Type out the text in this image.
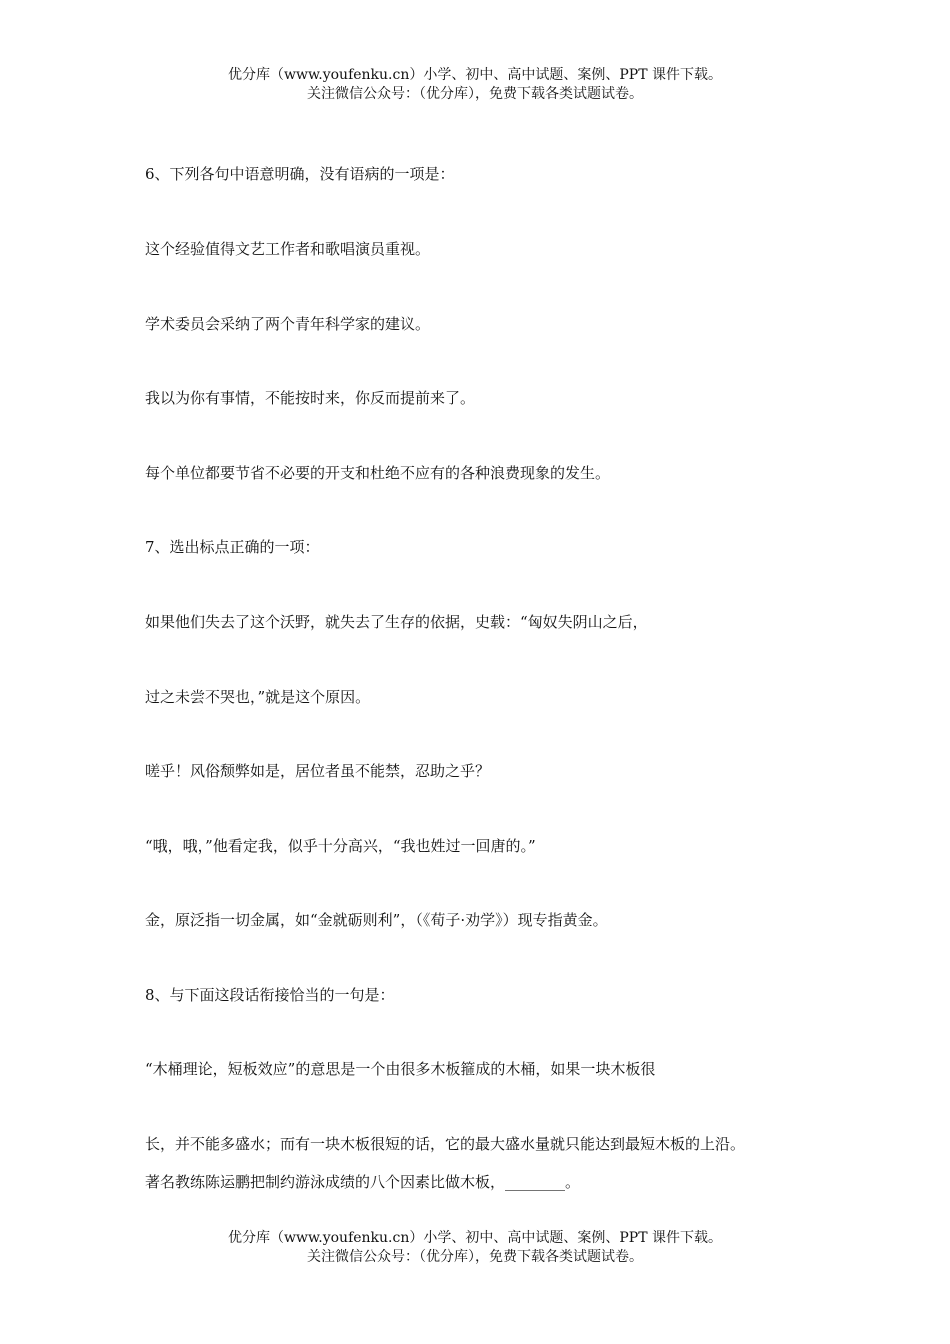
优分库（www.youfenku.cn）小学、初中、高中试题、案例、PPT 课件下载。
关注微信公众号：（优分库），免费下载各类试题试卷。
6、下列各句中语意明确，没有语病的一项是：
这个经验值得文艺工作者和歌唱演员重视。
学术委员会采纳了两个青年科学家的建议。
我以为你有事情，不能按时来，你反而提前来了。
每个单位都要节省不必要的开支和杜绝不应有的各种浪费现象的发生。
7、选出标点正确的一项：
如果他们失去了这个沃野，就失去了生存的依据，史载：“匈奴失阴山之后，
过之未尝不哭也，”就是这个原因。
嗟乎！风俗颓弊如是，居位者虽不能禁，忍助之乎？
“哦，哦，”他看定我，似乎十分高兴，“我也姓过一回唐的。”
金，原泛指一切金属，如“金就砺则利”，（《荀子·劝学》）现专指黄金。
8、与下面这段话衔接恰当的一句是：
“木桶理论，短板效应”的意思是一个由很多木板箍成的木桶，如果一块木板很
长，并不能多盛水；而有一块木板很短的话，它的最大盛水量就只能达到最短木板的上沿。
著名教练陈运鹏把制约游泳成绩的八个因素比做木板，________。
优分库（www.youfenku.cn）小学、初中、高中试题、案例、PPT 课件下载。
关注微信公众号：（优分库），免费下载各类试题试卷。
